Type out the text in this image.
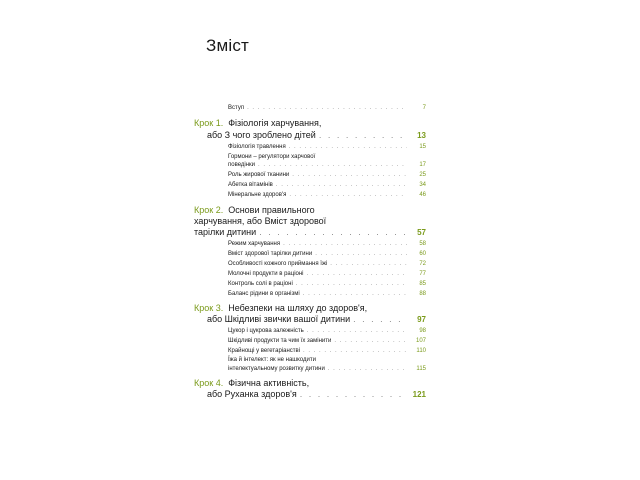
Зміст
Вступ . . .	7
Крок 1. Фізіологія харчування,
або З чого зроблено дітей . . .	13
Фізіологія травлення . . .	15
Гормони – регулятори харчової
поведінки . . .	17
Роль жирової тканини . . .	25
Абетка вітамінів . . .	34
Мінеральне здоров'я . . .	46
Крок 2. Основи правильного
харчування, або Вміст здорової
тарілки дитини . . .	57
Режим харчування . . .	58
Вміст здорової тарілки дитини . . .	60
Особливості кожного приймання їжі . . .	72
Молочні продукти в раціоні . . .	77
Контроль солі в раціоні . . .	85
Баланс рідини в організмі . . .	88
Крок 3. Небезпеки на шляху до здоров'я,
або Шкідливі звички вашої дитини . . .	97
Цукор і цукрова залежність . . .	98
Шкідливі продукти та чим їх замінити . . .	107
Крайнощі у вегетаріанстві . . .	110
Їжа й інтелект: як не нашкодити
інтелектуальному розвитку дитини . . .	115
Крок 4. Фізична активність,
або Руханка здоров'я . . .	121
